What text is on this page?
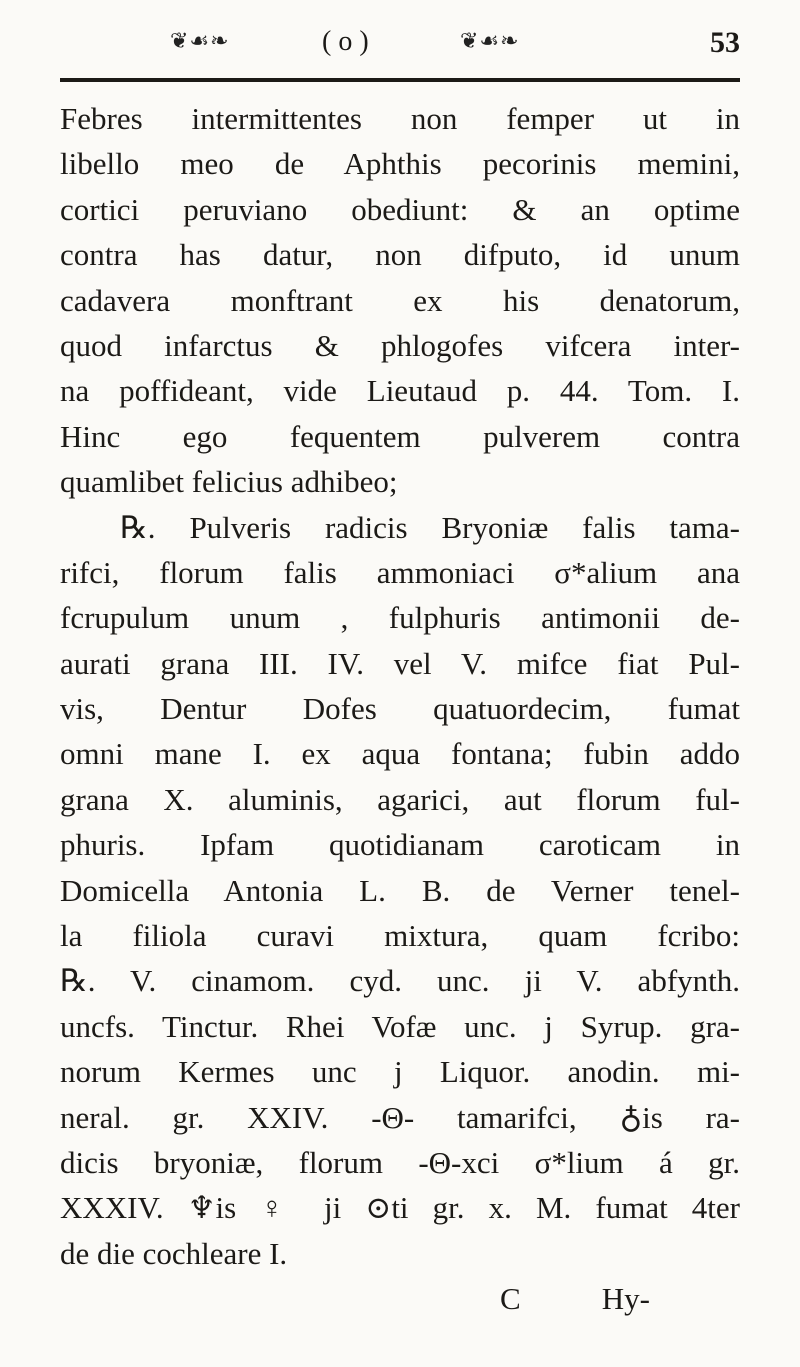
❦☙❧	( o )	❦☙❧	53
Febres intermittentes non femper ut in
libello meo de Aphthis pecorinis memini,
cortici peruviano obediunt: & an optime
contra has datur, non difputo, id unum
cadavera monftrant ex his denatorum,
quod infarctus & phlogofes vifcera inter-
na poffideant, vide Lieutaud p. 44. Tom. I.
Hinc ego fequentem pulverem contra
quamlibet felicius adhibeo;
℞. Pulveris radicis Bryoniæ falis tama-
rifci, florum falis ammoniaci σ*alium ana
fcrupulum unum , fulphuris antimonii de-
aurati grana III. IV. vel V. mifce fiat Pul-
vis, Dentur Dofes quatuordecim, fumat
omni mane I. ex aqua fontana; fubin addo
grana X. aluminis, agarici, aut florum ful-
phuris. Ipfam quotidianam caroticam in
Domicella Antonia L. B. de Verner tenel-
la filiola curavi mixtura, quam fcribo:
℞. V. cinamom. cyd. unc. ji V. abfynth.
uncfs. Tinctur. Rhei Vofæ unc. j Syrup. gra-
norum Kermes unc j Liquor. anodin. mi-
neral. gr. XXIV. -Θ- tamarifci, ♁is ra-
dicis bryoniæ, florum -Θ-xci σ*lium á gr.
XXXIV. ♆is ♀ ji ⊙ti gr. x. M. fumat 4ter
de die cochleare I.
C	Hy-
